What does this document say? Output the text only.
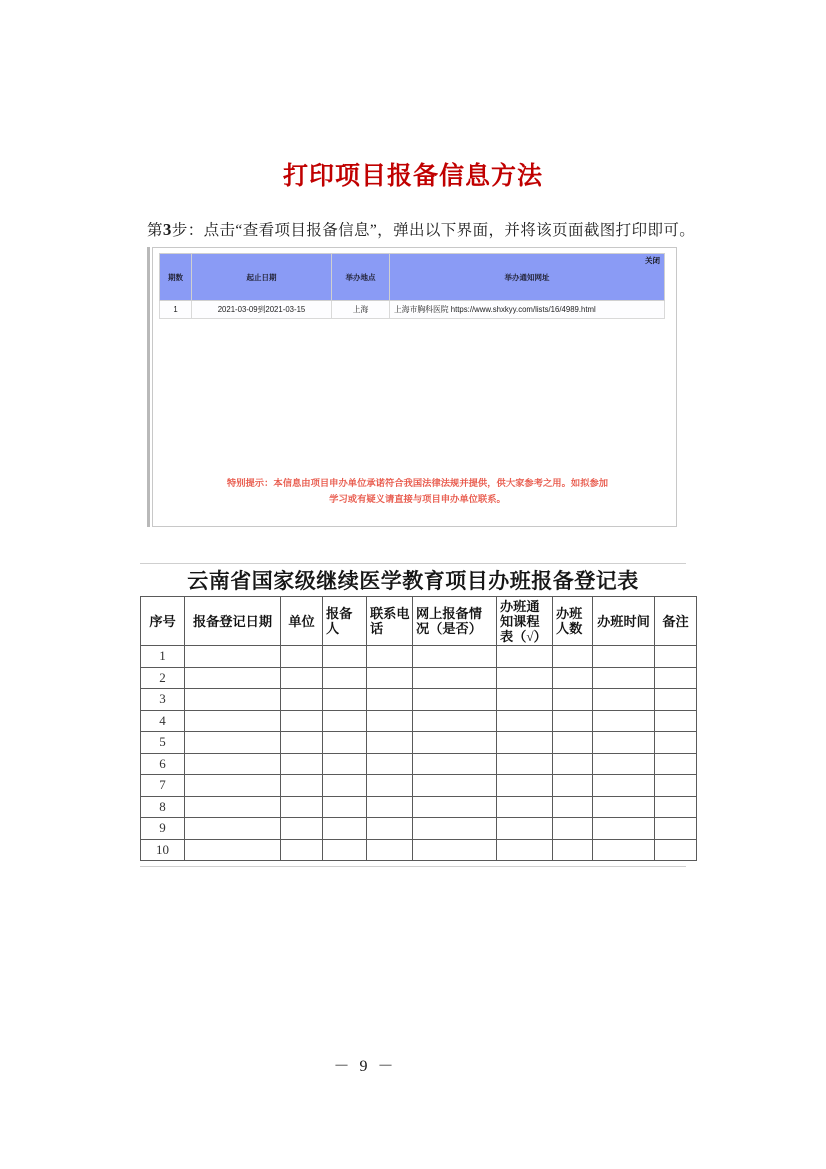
打印项目报备信息方法
第3步：点击“查看项目报备信息”，弹出以下界面，并将该页面截图打印即可。
期数	起止日期	举办地点	举办通知网址
关闭

1	2021-03-09到2021-03-15	上海	上海市胸科医院 https://www.shxkyy.com/lists/16/4989.html
特别提示：本信息由项目申办单位承诺符合我国法律法规并提供，供大家参考之用。如拟参加
学习或有疑义请直接与项目申办单位联系。
云南省国家级继续医学教育项目办班报备登记表
序号	报备登记日期	单位	报备人	联系电话	网上报备情况（是否）	办班通知课程表（√）	办班人数	办班时间	备注
1									
2									
3									
4									
5									
6									
7									
8									
9									
10									
－ 9 －
